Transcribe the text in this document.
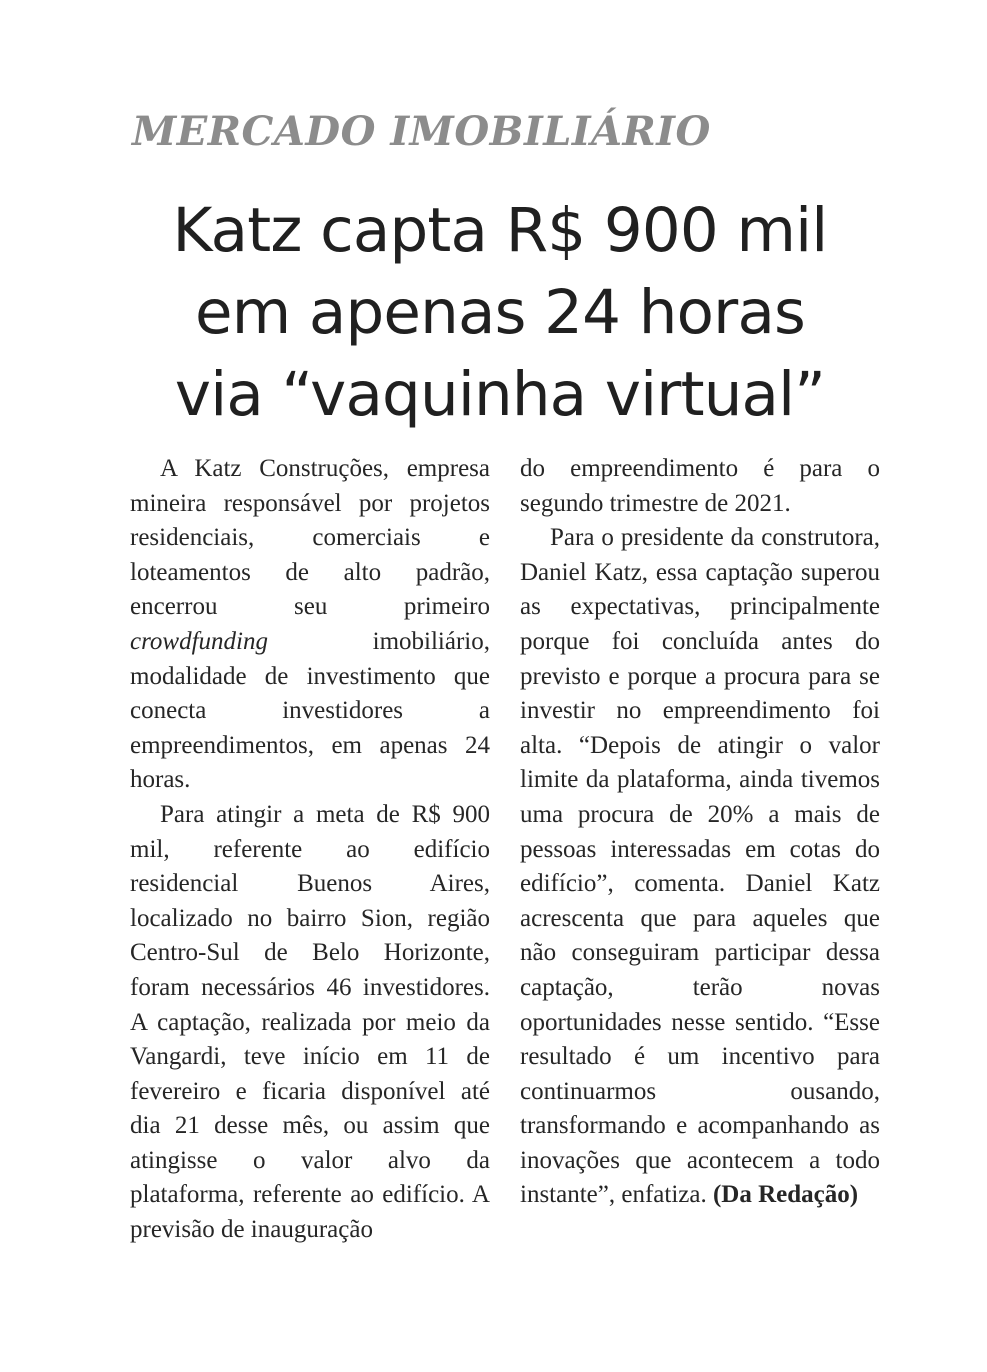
MERCADO IMOBILIÁRIO
Katz capta R$ 900 mil
em apenas 24 horas
via “vaquinha virtual”

A Katz Construções, empresa mineira responsável por projetos residenciais, comerciais e loteamentos de alto padrão, encerrou seu primeiro crowdfunding imobiliário, modalidade de investimento que conecta investidores a empreendimentos, em apenas 24 horas.

Para atingir a meta de R$ 900 mil, referente ao edifício residencial Buenos Aires, localizado no bairro Sion, região Centro-Sul de Belo Horizonte, foram necessários 46 investidores. A captação, realizada por meio da Vangardi, teve início em 11 de fevereiro e ficaria disponível até dia 21 desse mês, ou assim que atingisse o valor alvo da plataforma, referente ao edifício. A previsão de inauguração

do empreendimento é para o segundo trimestre de 2021.

Para o presidente da construtora, Daniel Katz, essa captação superou as expectativas, principalmente porque foi concluída antes do previsto e porque a procura para se investir no empreendimento foi alta. “Depois de atingir o valor limite da plataforma, ainda tivemos uma procura de 20% a mais de pessoas interessadas em cotas do edifício”, comenta. Daniel Katz acrescenta que para aqueles que não conseguiram participar dessa captação, terão novas oportunidades nesse sentido. “Esse resultado é um incentivo para continuarmos ousando, transformando e acompanhando as inovações que acontecem a todo instante”, enfatiza. (Da Redação)
